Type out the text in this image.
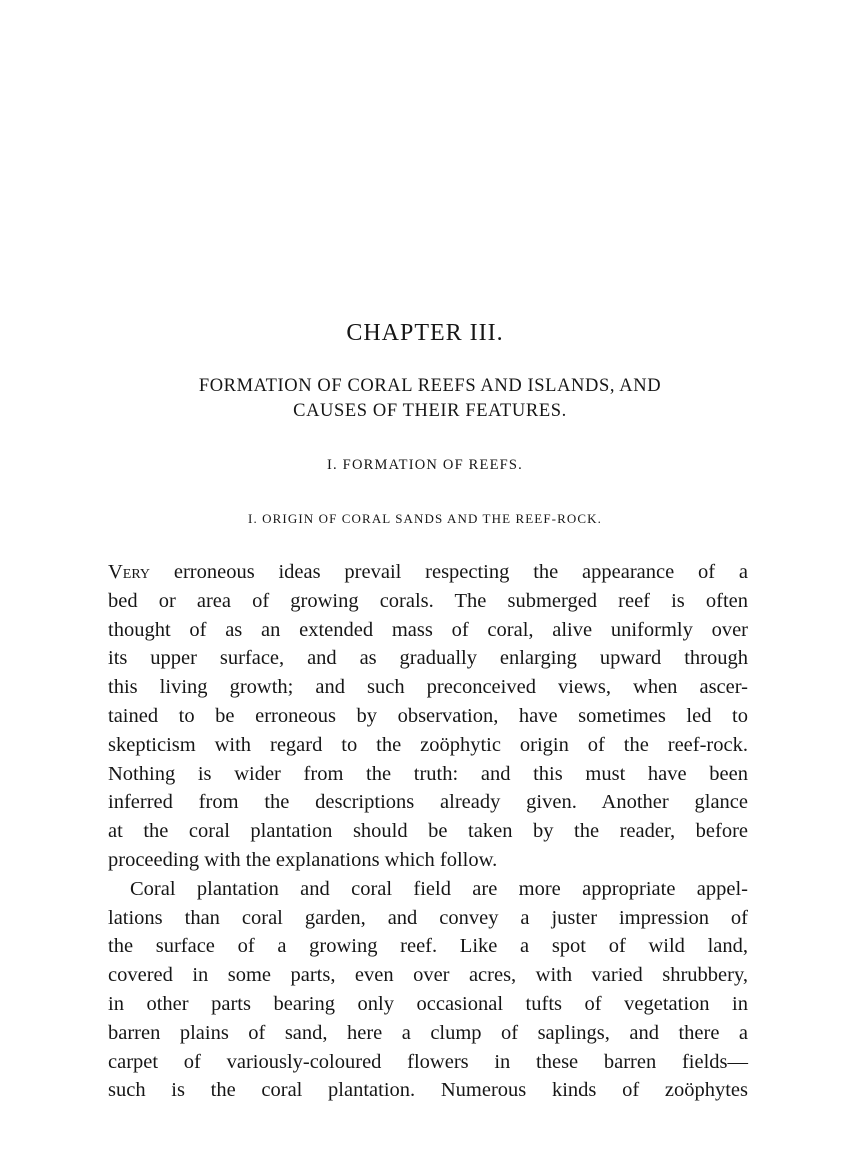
CHAPTER III.
FORMATION OF CORAL REEFS AND ISLANDS, AND
CAUSES OF THEIR FEATURES.
I. FORMATION OF REEFS.
I. ORIGIN OF CORAL SANDS AND THE REEF-ROCK.
Very erroneous ideas prevail respecting the appearance of a
bed or area of growing corals. The submerged reef is often
thought of as an extended mass of coral, alive uniformly over
its upper surface, and as gradually enlarging upward through
this living growth; and such preconceived views, when ascer-
tained to be erroneous by observation, have sometimes led to
skepticism with regard to the zoöphytic origin of the reef-rock.
Nothing is wider from the truth: and this must have been
inferred from the descriptions already given. Another glance
at the coral plantation should be taken by the reader, before
proceeding with the explanations which follow.
Coral plantation and coral field are more appropriate appel-
lations than coral garden, and convey a juster impression of
the surface of a growing reef. Like a spot of wild land,
covered in some parts, even over acres, with varied shrubbery,
in other parts bearing only occasional tufts of vegetation in
barren plains of sand, here a clump of saplings, and there a
carpet of variously-coloured flowers in these barren fields—
such is the coral plantation. Numerous kinds of zoöphytes
